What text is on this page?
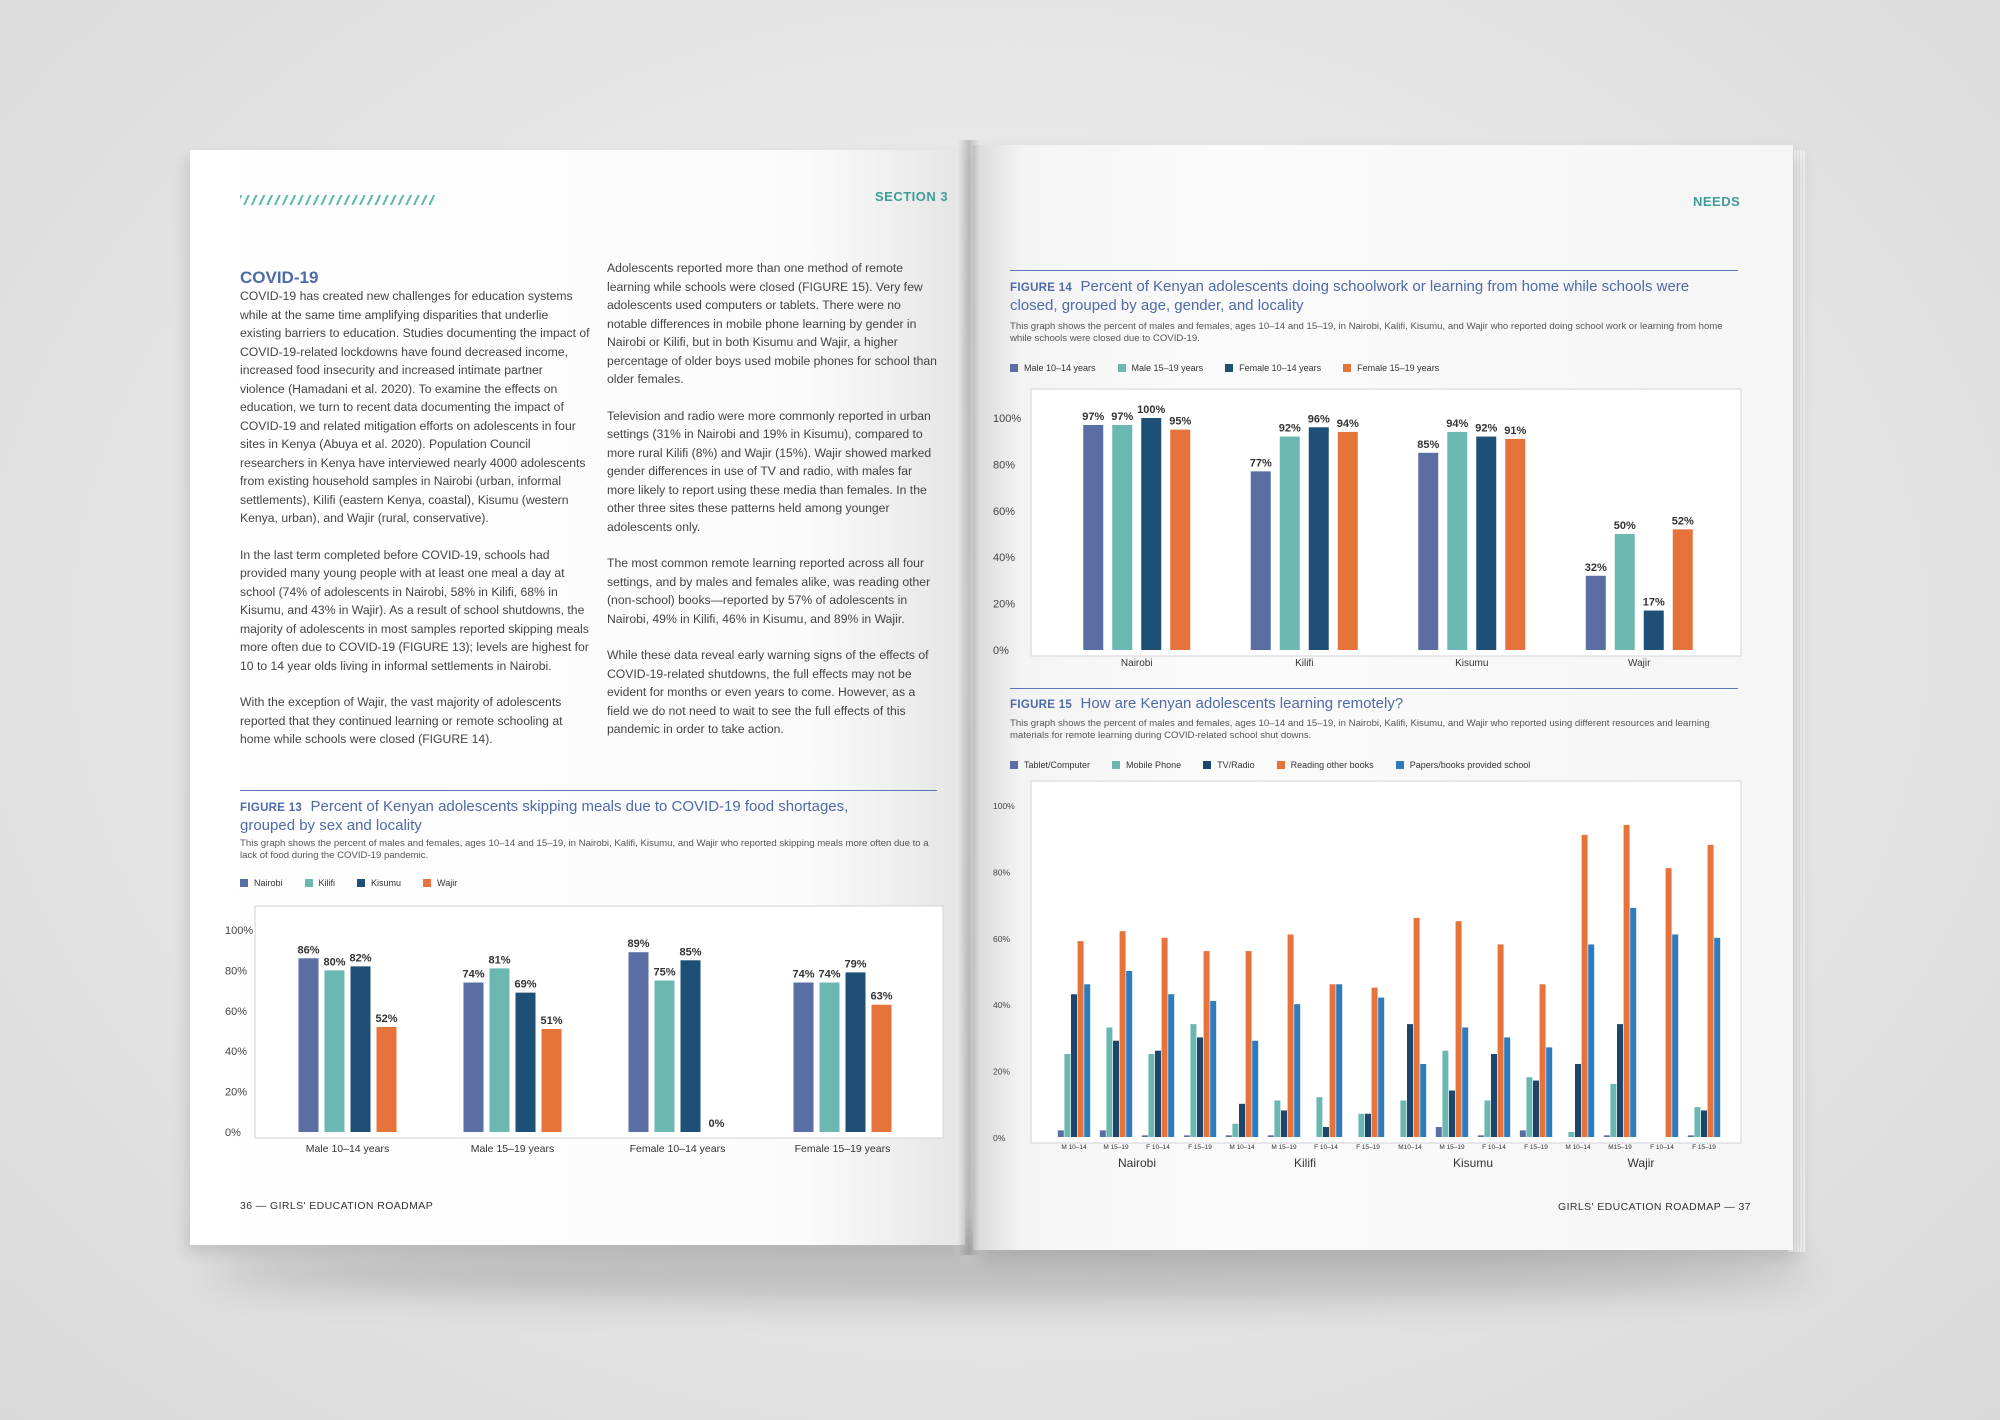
SECTION 3
COVID-19

COVID-19 has created new challenges for education systems while at the same time amplifying disparities that underlie existing barriers to education. Studies documenting the impact of COVID-19-related lockdowns have found decreased income, increased food insecurity and increased intimate partner violence (Hamadani et al. 2020). To examine the effects on education, we turn to recent data documenting the impact of COVID-19 and related mitigation efforts on adolescents in four sites in Kenya (Abuya et al. 2020). Population Council researchers in Kenya have interviewed nearly 4000 adolescents from existing household samples in Nairobi (urban, informal settlements), Kilifi (eastern Kenya, coastal), Kisumu (western Kenya, urban), and Wajir (rural, conservative).

In the last term completed before COVID-19, schools had provided many young people with at least one meal a day at school (74% of adolescents in Nairobi, 58% in Kilifi, 68% in Kisumu, and 43% in Wajir). As a result of school shutdowns, the majority of adolescents in most samples reported skipping meals more often due to COVID-19 (FIGURE 13); levels are highest for 10 to 14 year olds living in informal settlements in Nairobi.

With the exception of Wajir, the vast majority of adolescents reported that they continued learning or remote schooling at home while schools were closed (FIGURE 14).

Adolescents reported more than one method of remote learning while schools were closed (FIGURE 15). Very few adolescents used computers or tablets. There were no notable differences in mobile phone learning by gender in Nairobi or Kilifi, but in both Kisumu and Wajir, a higher percentage of older boys used mobile phones for school than older females.

Television and radio were more commonly reported in urban settings (31% in Nairobi and 19% in Kisumu), compared to more rural Kilifi (8%) and Wajir (15%). Wajir showed marked gender differences in use of TV and radio, with males far more likely to report using these media than females. In the other three sites these patterns held among younger adolescents only.

The most common remote learning reported across all four settings, and by males and females alike, was reading other (non-school) books—reported by 57% of adolescents in Nairobi, 49% in Kilifi, 46% in Kisumu, and 89% in Wajir.

While these data reveal early warning signs of the effects of COVID-19-related shutdowns, the full effects may not be evident for months or even years to come. However, as a field we do not need to wait to see the full effects of this pandemic in order to take action.

FIGURE 13 Percent of Kenyan adolescents skipping meals due to COVID-19 food shortages, grouped by sex and locality
This graph shows the percent of males and females, ages 10–14 and 15–19, in Nairobi, Kalifi, Kisumu, and Wajir who reported skipping meals more often due to a lack of food during the COVID-19 pandemic.
Nairobi	Kilifi	Kisumu	Wajir
100%
80%
60%
40%
20%
0%
86%
80% 82%
52%
Male 10–14 years
74%
81%
69%
51%
Male 15–19 years
89%
75%
85%
0%
Female 10–14 years
74% 74%
79%
63%
Female 15–19 years
36 — GIRLS' EDUCATION ROADMAP
NEEDS
FIGURE 14 Percent of Kenyan adolescents doing schoolwork or learning from home while schools were closed, grouped by age, gender, and locality
This graph shows the percent of males and females, ages 10–14 and 15–19, in Nairobi, Kalifi, Kisumu, and Wajir who reported doing school work or learning from home while schools were closed due to COVID-19.
Male 10–14 years	Male 15–19 years	Female 10–14 years	Female 15–19 years
100%
80%
60%
40%
20%
0%
97% 97%
100%
95%
Nairobi
77%
92%
96% 94%
Kilifi
85%
94% 92% 91%
Kisumu
32%
50%
17%
52%
Wajir
FIGURE 15 How are Kenyan adolescents learning remotely?
This graph shows the percent of males and females, ages 10–14 and 15–19, in Nairobi, Kalifi, Kisumu, and Wajir who reported using different resources and learning materials for remote learning during COVID-related school shut downs.
Tablet/Computer	Mobile Phone	TV/Radio	Reading other books	Papers/books provided school
100%
80%
60%
40%
20%
0%
M 10–14	M 15–19	F 10–14	F 15–19	M 10–14	M 15–19	F 10–14	F 15–19	M10–14	M 15–19	F 10–14	F 15–19	M 10–14	M15–19	F 10–14	F 15–19
Nairobi	Kilifi	Kisumu	Wajir
GIRLS' EDUCATION ROADMAP — 37
